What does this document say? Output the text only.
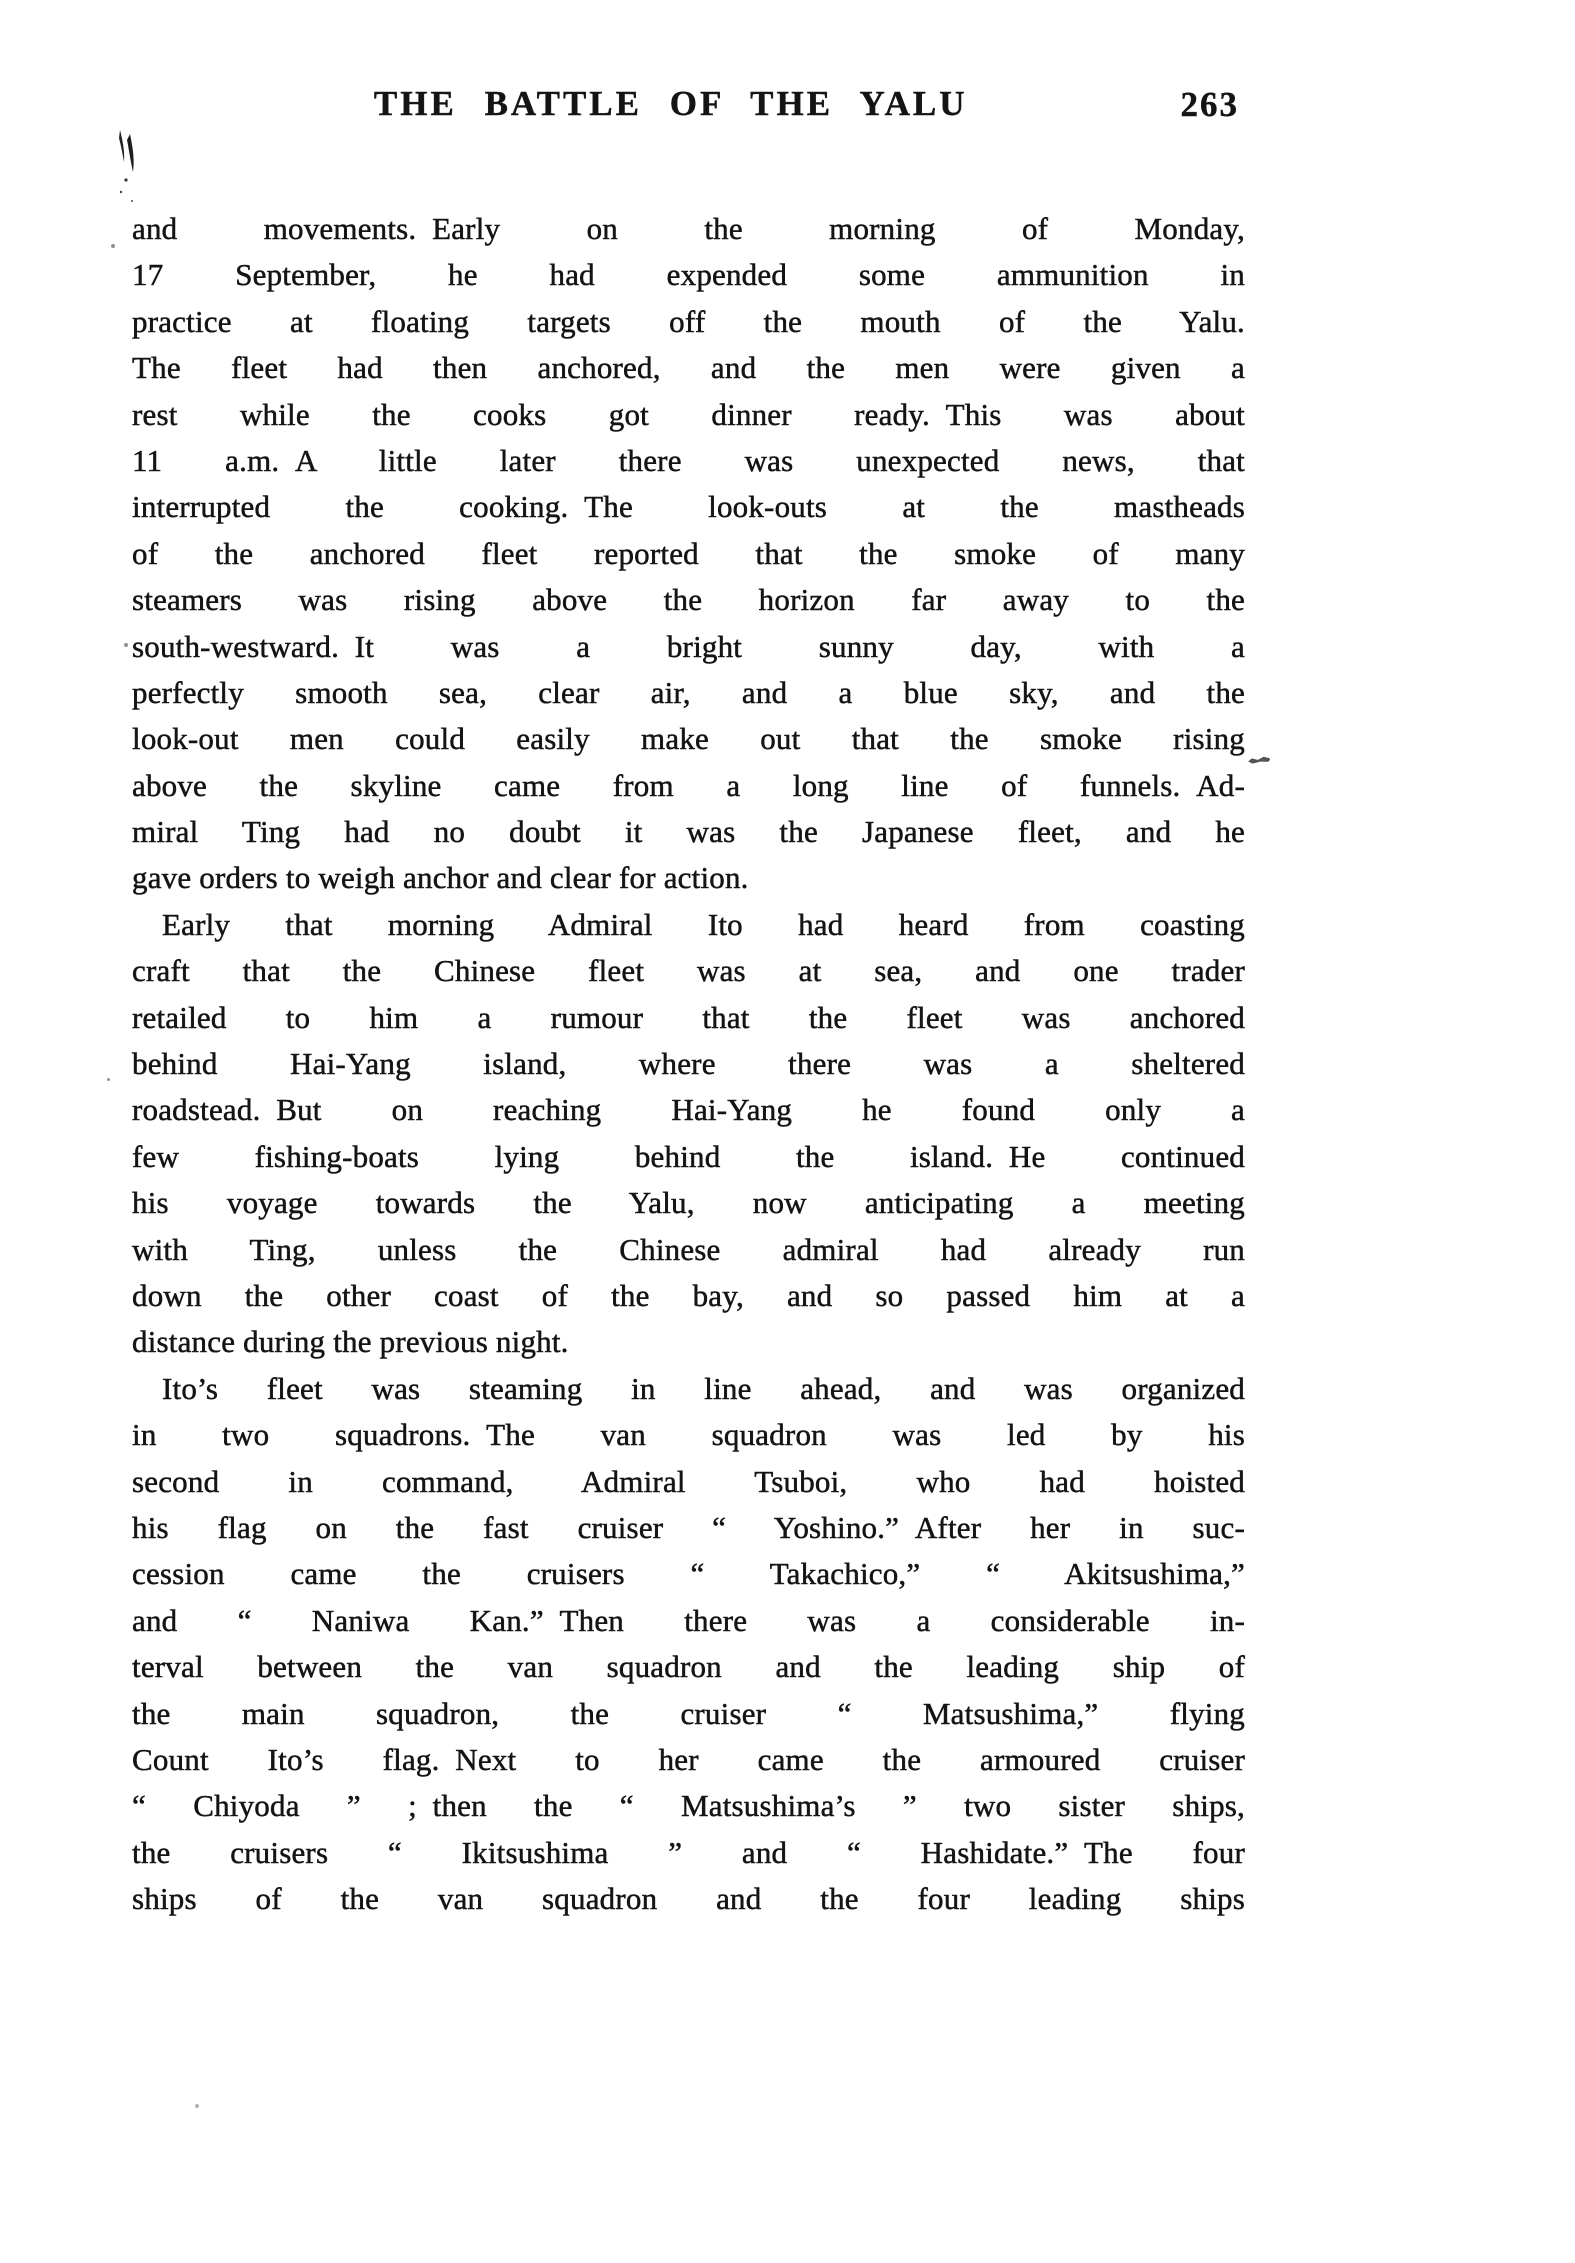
THE BATTLE OF THE YALU	263
and movements. Early on the morning of Monday,
17 September, he had expended some ammunition in
practice at floating targets off the mouth of the Yalu.
The fleet had then anchored, and the men were given a
rest while the cooks got dinner ready. This was about
11 a.m. A little later there was unexpected news, that
interrupted the cooking. The look-outs at the mastheads
of the anchored fleet reported that the smoke of many
steamers was rising above the horizon far away to the
south-westward. It was a bright sunny day, with a
perfectly smooth sea, clear air, and a blue sky, and the
look-out men could easily make out that the smoke rising
above the skyline came from a long line of funnels. Ad-
miral Ting had no doubt it was the Japanese fleet, and he
gave orders to weigh anchor and clear for action.
Early that morning Admiral Ito had heard from coasting
craft that the Chinese fleet was at sea, and one trader
retailed to him a rumour that the fleet was anchored
behind Hai-Yang island, where there was a sheltered
roadstead. But on reaching Hai-Yang he found only a
few fishing-boats lying behind the island. He continued
his voyage towards the Yalu, now anticipating a meeting
with Ting, unless the Chinese admiral had already run
down the other coast of the bay, and so passed him at a
distance during the previous night.
Ito’s fleet was steaming in line ahead, and was organized
in two squadrons. The van squadron was led by his
second in command, Admiral Tsuboi, who had hoisted
his flag on the fast cruiser “ Yoshino.” After her in suc-
cession came the cruisers “ Takachico,” “ Akitsushima,”
and “ Naniwa Kan.” Then there was a considerable in-
terval between the van squadron and the leading ship of
the main squadron, the cruiser “ Matsushima,” flying
Count Ito’s flag. Next to her came the armoured cruiser
“ Chiyoda ” ; then the “ Matsushima’s ” two sister ships,
the cruisers “ Ikitsushima ” and “ Hashidate.” The four
ships of the van squadron and the four leading ships
